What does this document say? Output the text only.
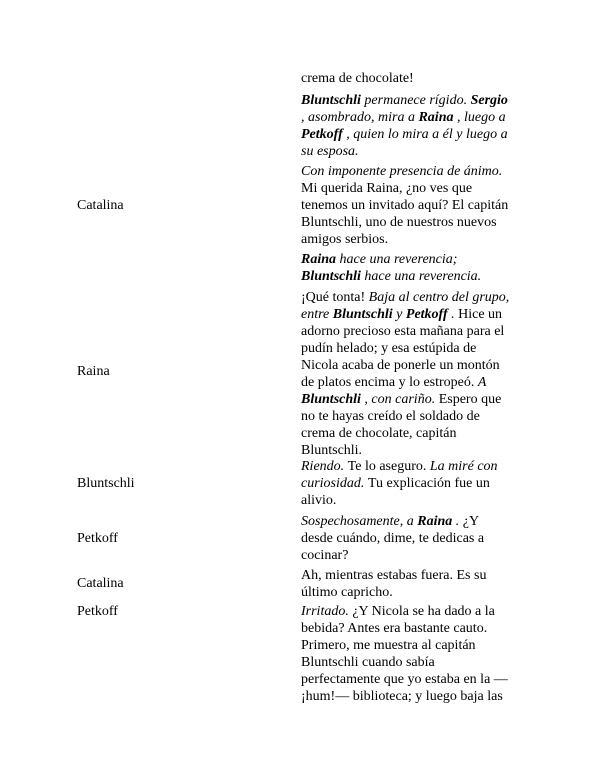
crema de chocolate!
Bluntschli permanece rígido. Sergio
, asombrado, mira a Raina , luego a
Petkoff , quien lo mira a él y luego a
su esposa.
Catalina
Con imponente presencia de ánimo.
Mi querida Raina, ¿no ves que
tenemos un invitado aquí? El capitán
Bluntschli, uno de nuestros nuevos
amigos serbios.
Raina hace una reverencia;
Bluntschli hace una reverencia.
Raina
¡Qué tonta! Baja al centro del grupo,
entre Bluntschli y Petkoff . Hice un
adorno precioso esta mañana para el
pudín helado; y esa estúpida de
Nicola acaba de ponerle un montón
de platos encima y lo estropeó. A
Bluntschli , con cariño. Espero que
no te hayas creído el soldado de
crema de chocolate, capitán
Bluntschli.
Bluntschli
Riendo. Te lo aseguro. La miré con
curiosidad. Tu explicación fue un
alivio.
Petkoff
Sospechosamente, a Raina . ¿Y
desde cuándo, dime, te dedicas a
cocinar?
Catalina
Ah, mientras estabas fuera. Es su
último capricho.
Petkoff	Irritado. ¿Y Nicola se ha dado a la
bebida? Antes era bastante cauto.
Primero, me muestra al capitán
Bluntschli cuando sabía
perfectamente que yo estaba en la —
¡hum!— biblioteca; y luego baja las
